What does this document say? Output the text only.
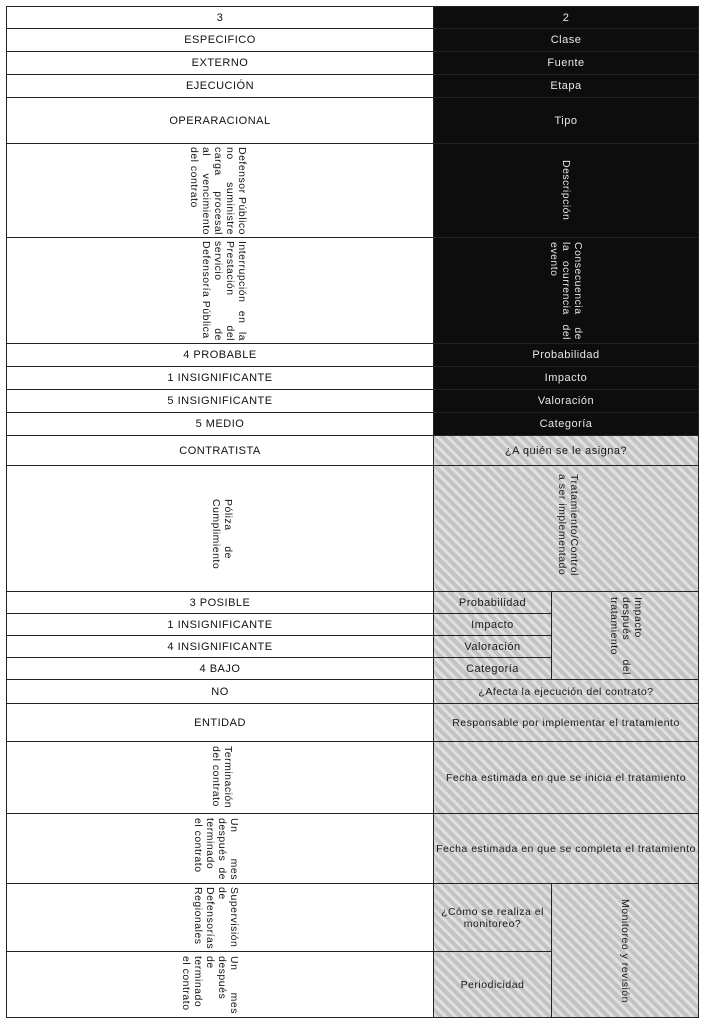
3	2	
ESPECIFICO	Clase	
EXTERNO	Fuente	
EJECUCIÓN	Etapa	
OPERARACIONAL	Tipo	

Defensor Público no suministre carga procesal al vencimiento del contrato	Descripción	

Interrupción en la Prestación del servicio de Defensoría Pública	Consecuencia de la ocurrencia del evento	

4 PROBABLE	Probabilidad	
1 INSIGNIFICANTE	Impacto	
5 INSIGNIFICANTE	Valoración	
5 MEDIO	Categoría	
CONTRATISTA	¿A quién se le asigna?	

Póliza de Cumplimiento	Tratamiento/Control a ser implementado	

3 POSIBLE	Probabilidad	Impacto después del tratamiento

1 INSIGNIFICANTE	Impacto	
4 INSIGNIFICANTE	Valoración	
4 BAJO	Categoría	
NO	¿Afecta la ejecución del contrato?	
ENTIDAD	Responsable por implementar el tratamiento	

Terminación del contrato	Fecha estimada en que se inicia el tratamiento	

Un mes después de terminado el contrato	Fecha estimada en que se completa el tratamiento	

Supervisión de Defensorías Regionales	¿Cómo se realiza el monitoreo?	Monitoreo y revisión

Un mes después de terminado el contrato	Periodicidad	
